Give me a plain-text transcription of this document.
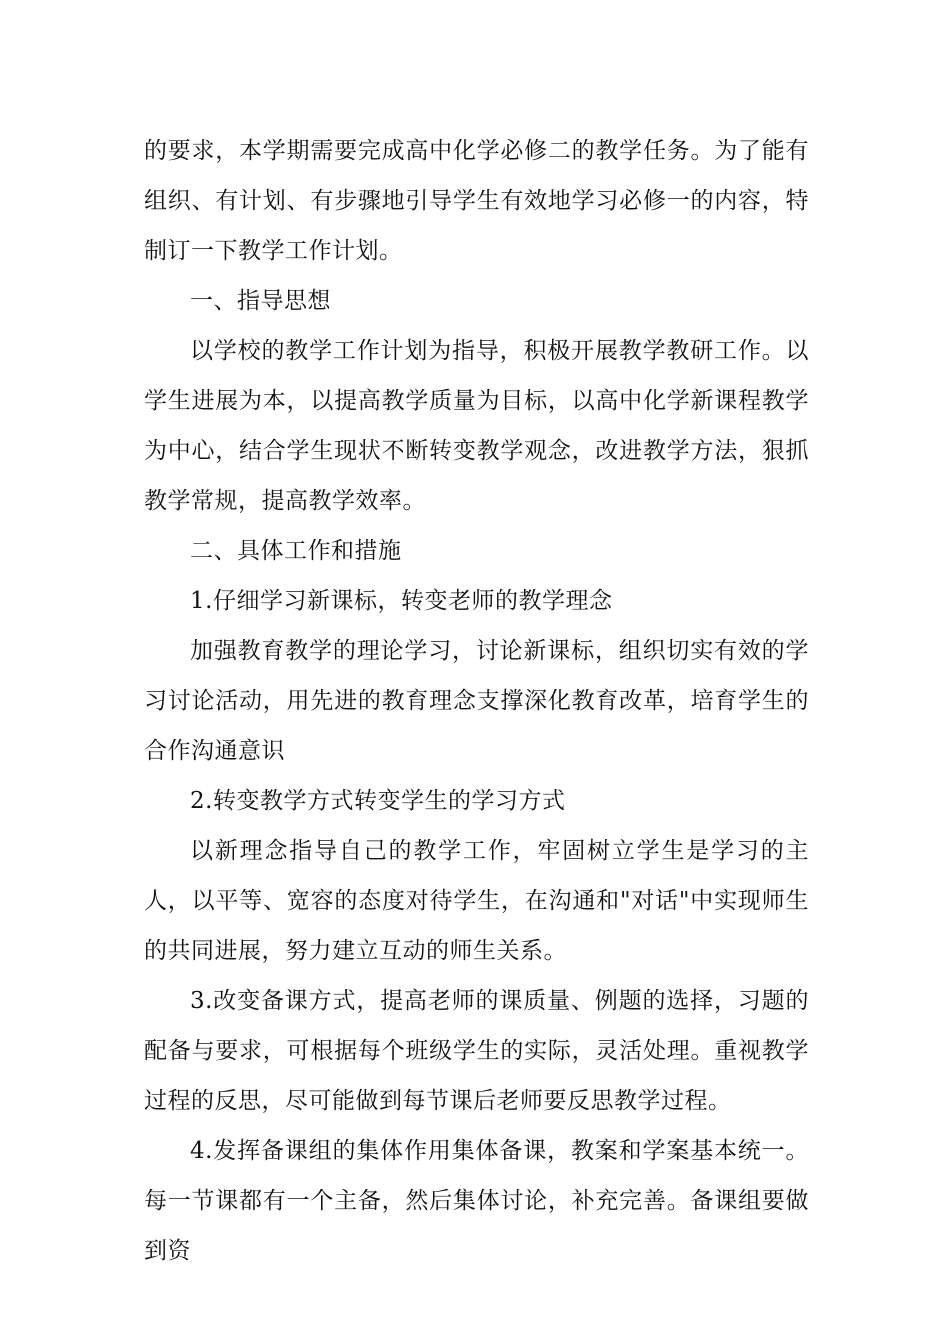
的要求，本学期需要完成高中化学必修二的教学任务。为了能有组织、有计划、有步骤地引导学生有效地学习必修一的内容，特制订一下教学工作计划。

一、指导思想

以学校的教学工作计划为指导，积极开展教学教研工作。以学生进展为本，以提高教学质量为目标，以高中化学新课程教学为中心，结合学生现状不断转变教学观念，改进教学方法，狠抓教学常规，提高教学效率。

二、具体工作和措施

1.仔细学习新课标，转变老师的教学理念

加强教育教学的理论学习，讨论新课标，组织切实有效的学习讨论活动，用先进的教育理念支撑深化教育改革，培育学生的合作沟通意识

2.转变教学方式转变学生的学习方式

以新理念指导自己的教学工作，牢固树立学生是学习的主人，以平等、宽容的态度对待学生，在沟通和"对话"中实现师生的共同进展，努力建立互动的师生关系。

3.改变备课方式，提高老师的课质量、例题的选择，习题的配备与要求，可根据每个班级学生的实际，灵活处理。重视教学过程的反思，尽可能做到每节课后老师要反思教学过程。

4.发挥备课组的集体作用集体备课，教案和学案基本统一。每一节课都有一个主备，然后集体讨论，补充完善。备课组要做到资
